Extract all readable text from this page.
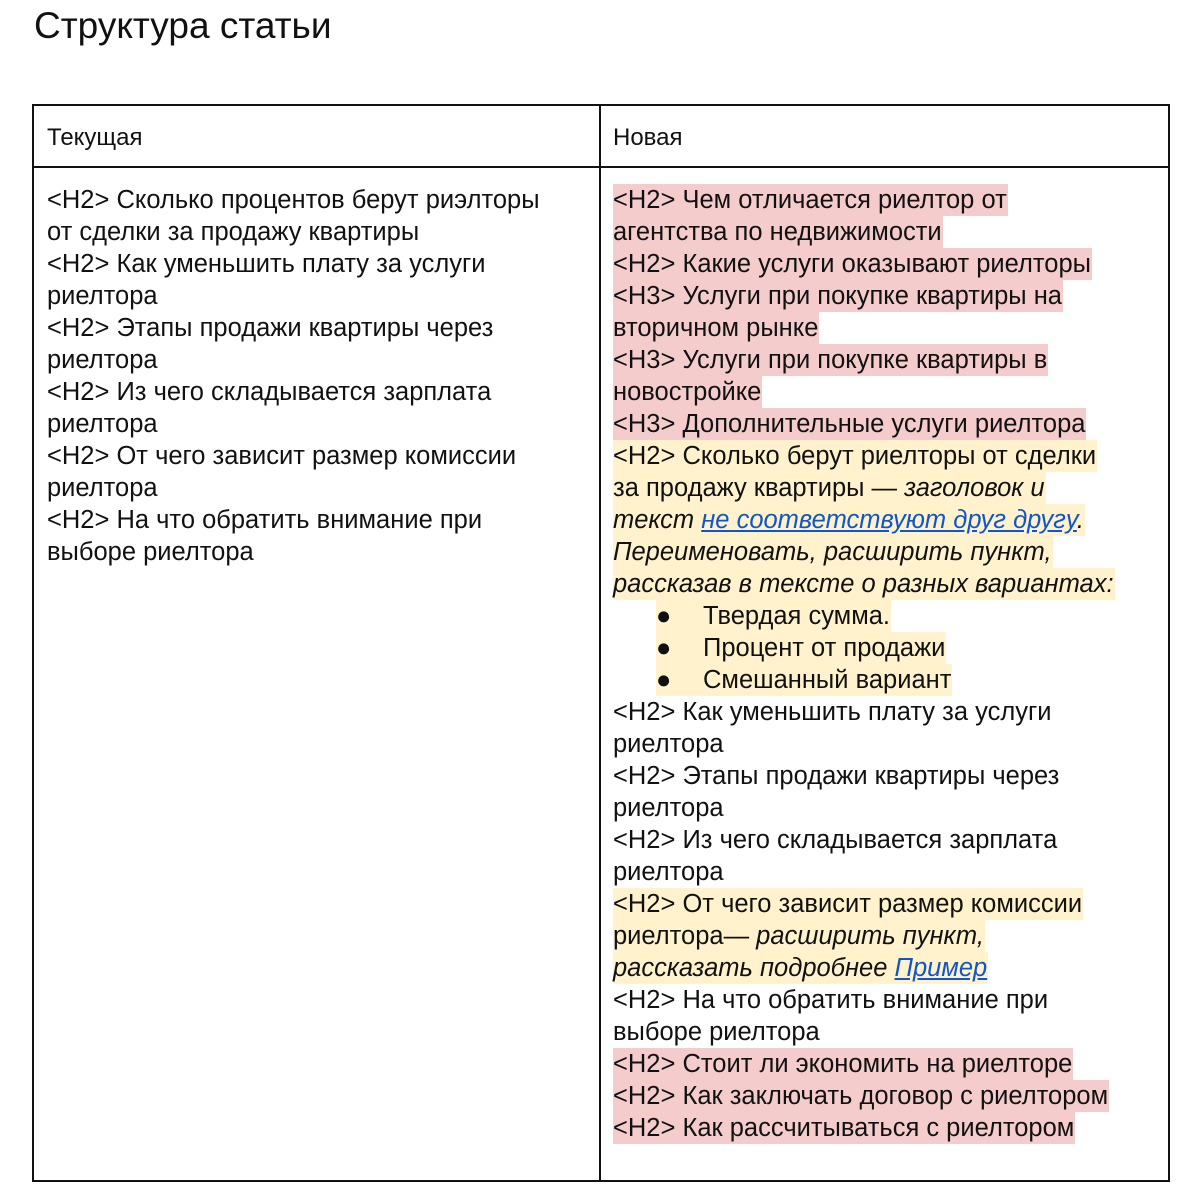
Структура статьи
Текущая	Новая
<H2> Сколько процентов берут риэлторы
от сделки за продажу квартиры
<H2> Как уменьшить плату за услуги
риелтора
<H2> Этапы продажи квартиры через
риелтора
<H2> Из чего складывается зарплата
риелтора
<H2> От чего зависит размер комиссии
риелтора
<H2> На что обратить внимание при
выборе риелтора
<H2> Чем отличается риелтор от
агентства по недвижимости
<H2> Какие услуги оказывают риелторы
<H3> Услуги при покупке квартиры на
вторичном рынке
<H3> Услуги при покупке квартиры в
новостройке
<H3> Дополнительные услуги риелтора
<H2> Сколько берут риелторы от сделки
за продажу квартиры — заголовок и
текст не соответствуют друг другу.
Переименовать, расширить пункт,
рассказав в тексте о разных вариантах:
● Твердая сумма.
● Процент от продажи
● Смешанный вариант
<H2> Как уменьшить плату за услуги
риелтора
<H2> Этапы продажи квартиры через
риелтора
<H2> Из чего складывается зарплата
риелтора
<H2> От чего зависит размер комиссии
риелтора— расширить пункт,
рассказать подробнее Пример
<H2> На что обратить внимание при
выборе риелтора
<H2> Стоит ли экономить на риелторе
<H2> Как заключать договор с риелтором
<H2> Как рассчитываться с риелтором
